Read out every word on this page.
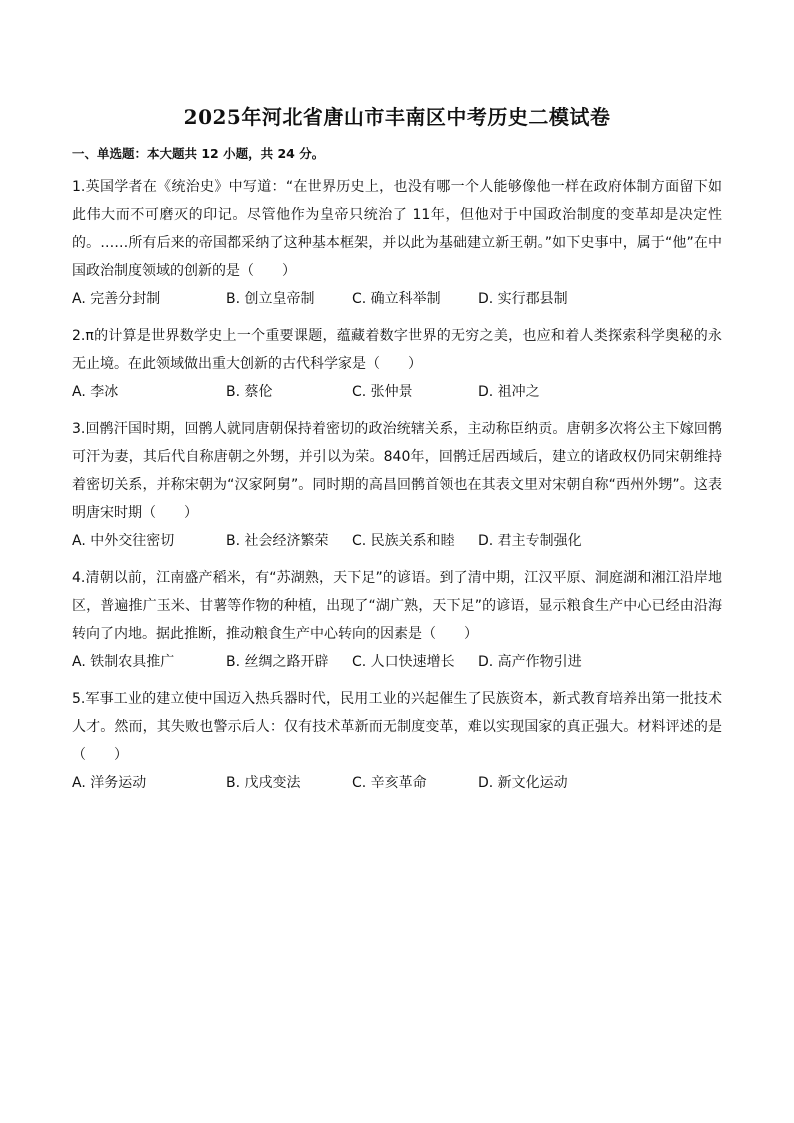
2025年河北省唐山市丰南区中考历史二模试卷
一、单选题：本大题共 12 小题，共 24 分。
1.英国学者在《统治史》中写道：“在世界历史上，也没有哪一个人能够像他一样在政府体制方面留下如此伟大而不可磨灭的印记。尽管他作为皇帝只统治了 11年，但他对于中国政治制度的变革却是决定性的。……所有后来的帝国都采纳了这种基本框架，并以此为基础建立新王朝。”如下史事中，属于“他”在中国政治制度领域的创新的是（　　）
A. 完善分封制	B. 创立皇帝制	C. 确立科举制	D. 实行郡县制
2.π的计算是世界数学史上一个重要课题，蕴藏着数字世界的无穷之美，也应和着人类探索科学奥秘的永无止境。在此领域做出重大创新的古代科学家是（　　）
A. 李冰	B. 蔡伦	C. 张仲景	D. 祖冲之
3.回鹘汗国时期，回鹘人就同唐朝保持着密切的政治统辖关系，主动称臣纳贡。唐朝多次将公主下嫁回鹘可汗为妻，其后代自称唐朝之外甥，并引以为荣。840年，回鹘迁居西域后，建立的诸政权仍同宋朝维持着密切关系，并称宋朝为“汉家阿舅”。同时期的高昌回鹘首领也在其表文里对宋朝自称“西州外甥”。这表明唐宋时期（　　）
A. 中外交往密切	B. 社会经济繁荣	C. 民族关系和睦	D. 君主专制强化
4.清朝以前，江南盛产稻米，有“苏湖熟，天下足”的谚语。到了清中期，江汉平原、洞庭湖和湘江沿岸地区，普遍推广玉米、甘薯等作物的种植，出现了“湖广熟，天下足”的谚语，显示粮食生产中心已经由沿海转向了内地。据此推断，推动粮食生产中心转向的因素是（　　）
A. 铁制农具推广	B. 丝绸之路开辟	C. 人口快速增长	D. 高产作物引进
5.军事工业的建立使中国迈入热兵器时代，民用工业的兴起催生了民族资本，新式教育培养出第一批技术人才。然而，其失败也警示后人：仅有技术革新而无制度变革，难以实现国家的真正强大。材料评述的是（　　）
A. 洋务运动	B. 戊戌变法	C. 辛亥革命	D. 新文化运动
